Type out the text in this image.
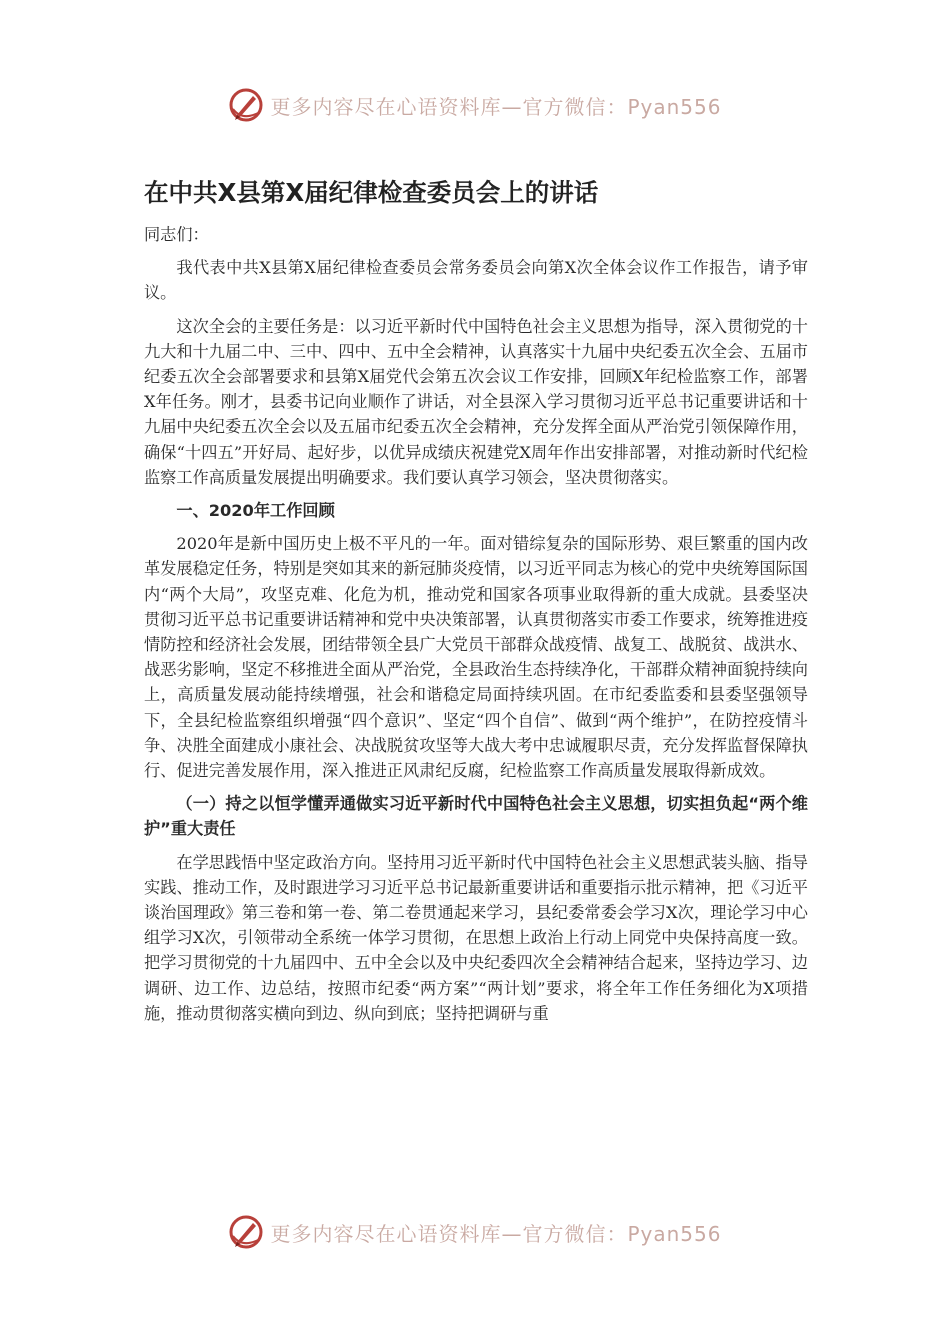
更多内容尽在心语资料库—官方微信：Pyan556
在中共X县第X届纪律检查委员会上的讲话

同志们：

我代表中共X县第X届纪律检查委员会常务委员会向第X次全体会议作工作报告，请予审议。

这次全会的主要任务是：以习近平新时代中国特色社会主义思想为指导，深入贯彻党的十九大和十九届二中、三中、四中、五中全会精神，认真落实十九届中央纪委五次全会、五届市纪委五次全会部署要求和县第X届党代会第五次会议工作安排，回顾X年纪检监察工作，部署X年任务。刚才，县委书记向业顺作了讲话，对全县深入学习贯彻习近平总书记重要讲话和十九届中央纪委五次全会以及五届市纪委五次全会精神，充分发挥全面从严治党引领保障作用，确保“十四五”开好局、起好步，以优异成绩庆祝建党X周年作出安排部署，对推动新时代纪检监察工作高质量发展提出明确要求。我们要认真学习领会，坚决贯彻落实。

一、2020年工作回顾

2020年是新中国历史上极不平凡的一年。面对错综复杂的国际形势、艰巨繁重的国内改革发展稳定任务，特别是突如其来的新冠肺炎疫情，以习近平同志为核心的党中央统筹国际国内“两个大局”，攻坚克难、化危为机，推动党和国家各项事业取得新的重大成就。县委坚决贯彻习近平总书记重要讲话精神和党中央决策部署，认真贯彻落实市委工作要求，统筹推进疫情防控和经济社会发展，团结带领全县广大党员干部群众战疫情、战复工、战脱贫、战洪水、战恶劣影响，坚定不移推进全面从严治党，全县政治生态持续净化，干部群众精神面貌持续向上，高质量发展动能持续增强，社会和谐稳定局面持续巩固。在市纪委监委和县委坚强领导下，全县纪检监察组织增强“四个意识”、坚定“四个自信”、做到“两个维护”，在防控疫情斗争、决胜全面建成小康社会、决战脱贫攻坚等大战大考中忠诚履职尽责，充分发挥监督保障执行、促进完善发展作用，深入推进正风肃纪反腐，纪检监察工作高质量发展取得新成效。

（一）持之以恒学懂弄通做实习近平新时代中国特色社会主义思想，切实担负起“两个维护”重大责任

在学思践悟中坚定政治方向。坚持用习近平新时代中国特色社会主义思想武装头脑、指导实践、推动工作，及时跟进学习习近平总书记最新重要讲话和重要指示批示精神，把《习近平谈治国理政》第三卷和第一卷、第二卷贯通起来学习，县纪委常委会学习X次，理论学习中心组学习X次，引领带动全系统一体学习贯彻，在思想上政治上行动上同党中央保持高度一致。把学习贯彻党的十九届四中、五中全会以及中央纪委四次全会精神结合起来，坚持边学习、边调研、边工作、边总结，按照市纪委“两方案”“两计划”要求，将全年工作任务细化为X项措施，推动贯彻落实横向到边、纵向到底；坚持把调研与重

更多内容尽在心语资料库—官方微信：Pyan556
